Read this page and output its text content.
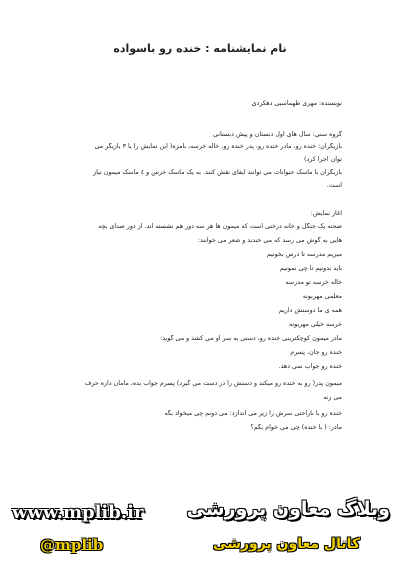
نام نمایشنامه : خنده رو باسواده
نویسنده: مهری طهماسبی دهکردی
گروه سنی: سال های اول دبستان و پیش دبستانی
بازیگران: خنده رو، مادر خنده رو، پدر خنده رو، خاله خرسه، بامزه( این نمایش را با ۳ بازیگر می
توان اجرا کرد)
بازیگران با ماسک حیوانات می توانند ایفای نقش کنند. به یک ماسک خرس و ٤ ماسک میمون نیاز
است.
آغاز نمایش:
صحنه یک جنگل و خانه درختی است که میمون ها هر سه دور هم نشسته اند. از دور صدای بچه
هایی به گوش می رسد که می خندند و شعر می خوانند:
میریم مدرسه تا درس بخونیم
باید بدونیم تا چی نمونیم
خاله خرسه تو مدرسه
معلمی مهربونه
همه ی ما دوستش داریم
خرسه خیلی مهربونه
مادر میمون کوچکترینی خنده رو، دستی به سر او می کشد و می گوید:
خنده رو جان، پسرم
خنده رو جواب نمی دهد.
میمون پدر( رو به خنده رو میکند و دستش را در دست می گیرد) پسرم جواب بده، مامان داره حرف
می زنه
خنده رو با ناراحتی سرش را زیر می اندازد: می دونم چی میخواد بگه
مادر: ( با خنده) چی می خوام بگم؟
وبلاگ معاون پرورشی
www.mplib.ir
کانال معاون پرورشی
@mplib
